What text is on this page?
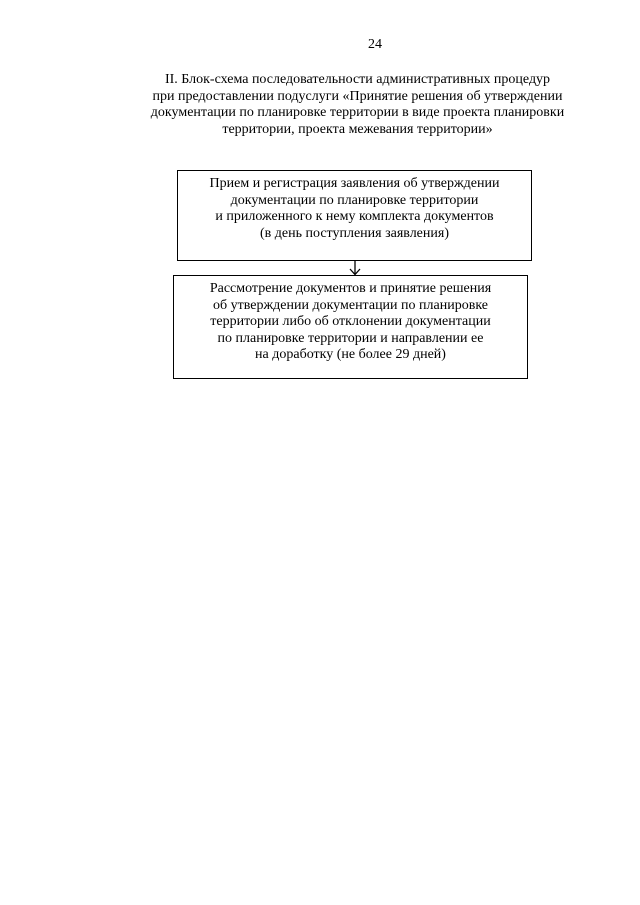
24
II. Блок-схема последовательности административных процедур
при предоставлении подуслуги «Принятие решения об утверждении
документации по планировке территории в виде проекта планировки
территории, проекта межевания территории»
Прием и регистрация заявления об утверждении
документации по планировке территории
и приложенного к нему комплекта документов
(в день поступления заявления)
Рассмотрение документов и принятие решения
об утверждении документации по планировке
территории либо об отклонении документации
по планировке территории и направлении ее
на доработку (не более 29 дней)
